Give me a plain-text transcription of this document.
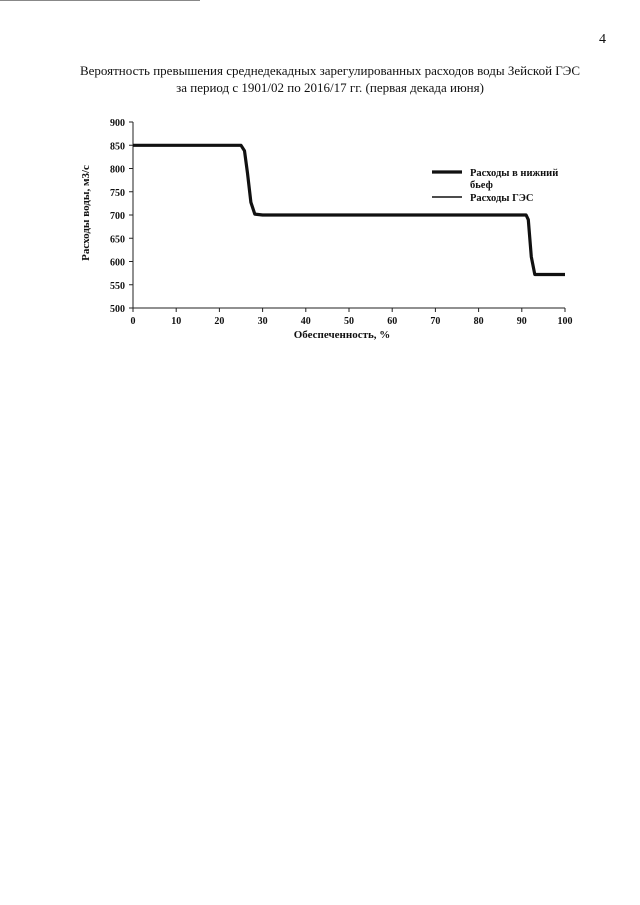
4
Вероятность превышения среднедекадных зарегулированных расходов воды Зейской ГЭС
за период с 1901/02 по 2016/17 гг. (первая декада июня)
500
550
600
650
700
750
800
850
900
0	10	20	30	40	50	60	70	80	90	100
Расходы в нижний бьеф
Расходы ГЭС
Обеспеченность, %
Расходы воды, м3/с
